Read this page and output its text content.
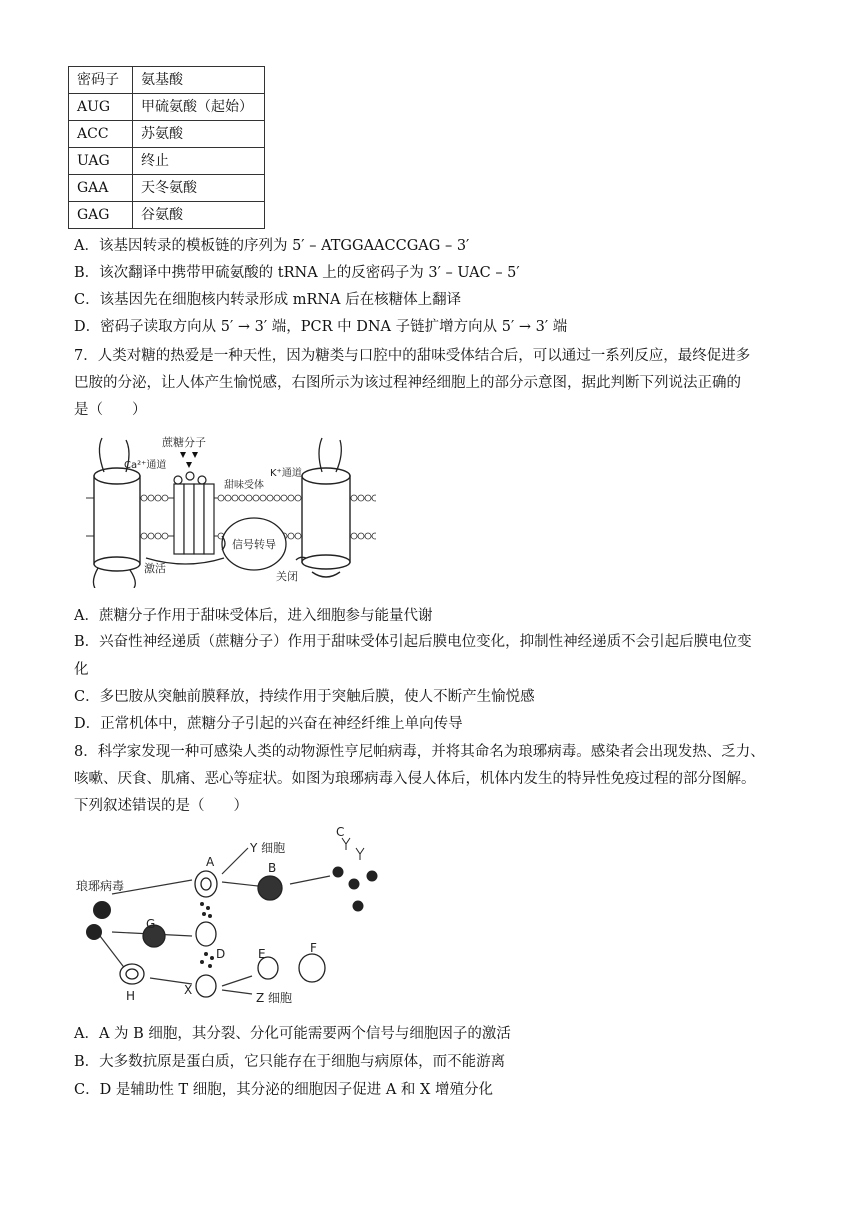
密码子	氨基酸
AUG	甲硫氨酸（起始）
ACC	苏氨酸
UAG	终止
GAA	天冬氨酸
GAG	谷氨酸
A．该基因转录的模板链的序列为 5′ – ATGGAACCGAG – 3′
B．该次翻译中携带甲硫氨酸的 tRNA 上的反密码子为 3′ – UAC – 5′
C．该基因先在细胞核内转录形成 mRNA 后在核糖体上翻译
D．密码子读取方向从 5′ → 3′ 端，PCR 中 DNA 子链扩增方向从 5′ → 3′ 端
7．人类对糖的热爱是一种天性，因为糖类与口腔中的甜味受体结合后，可以通过一系列反应，最终促进多
巴胺的分泌，让人体产生愉悦感，右图所示为该过程神经细胞上的部分示意图，据此判断下列说法正确的
是（　　）
蔗糖分子
Ca²⁺通道
K⁺通道
甜味受体
信号转导
激活
关闭
A．蔗糖分子作用于甜味受体后，进入细胞参与能量代谢
B．兴奋性神经递质（蔗糖分子）作用于甜味受体引起后膜电位变化，抑制性神经递质不会引起后膜电位变
化
C．多巴胺从突触前膜释放，持续作用于突触后膜，使人不断产生愉悦感
D．正常机体中，蔗糖分子引起的兴奋在神经纤维上单向传导
8．科学家发现一种可感染人类的动物源性亨尼帕病毒，并将其命名为琅琊病毒。感染者会出现发热、乏力、
咳嗽、厌食、肌痛、恶心等症状。如图为琅琊病毒入侵人体后，机体内发生的特异性免疫过程的部分图解。
下列叙述错误的是（　　）
A	B
C
D	E	F
G
H	X
Y 细胞
Z 细胞
琅琊病毒
A．A 为 B 细胞，其分裂、分化可能需要两个信号与细胞因子的激活
B．大多数抗原是蛋白质，它只能存在于细胞与病原体，而不能游离
C．D 是辅助性 T 细胞，其分泌的细胞因子促进 A 和 X 增殖分化
